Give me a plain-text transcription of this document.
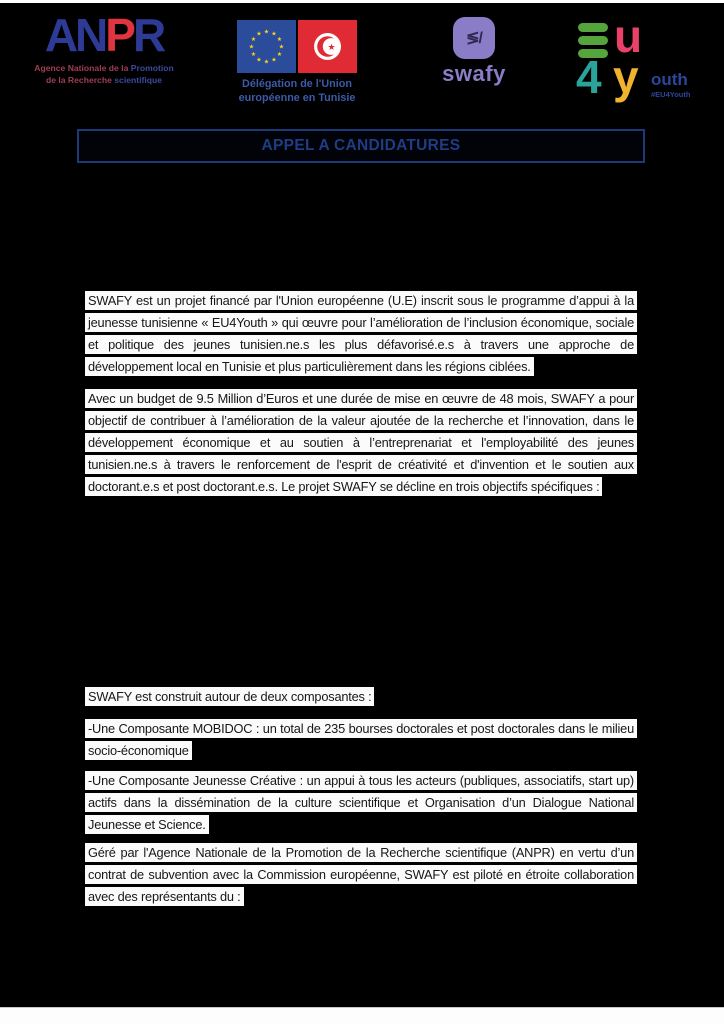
ANPR
Agence Nationale de la Promotion
de la Recherche scientifique
★ ★
★
★
★
★
★
★
★
★
★
★
★
Délégation de l'Union
européenne en Tunisie
≶/
swafy
u
4 y outh
#EU4Youth
APPEL A CANDIDATURES

SWAFY est un projet financé par l'Union européenne (U.E) inscrit sous le programme d’appui à la jeunesse tunisienne « EU4Youth » qui œuvre pour l’amélioration de l’inclusion économique, sociale et politique des jeunes tunisien.ne.s les plus défavorisé.e.s à travers une approche de développement local en Tunisie et plus particulièrement dans les régions ciblées.

Avec un budget de 9.5 Million d’Euros et une durée de mise en œuvre de 48 mois, SWAFY a pour objectif de contribuer à l’amélioration de la valeur ajoutée de la recherche et l’innovation, dans le développement économique et au soutien à l’entreprenariat et l'employabilité des jeunes tunisien.ne.s à travers le renforcement de l'esprit de créativité et d'invention et le soutien aux doctorant.e.s et post doctorant.e.s. Le projet SWAFY se décline en trois objectifs spécifiques :

SWAFY est construit autour de deux composantes :

-Une Composante MOBIDOC : un total de 235 bourses doctorales et post doctorales dans le milieu socio-économique

-Une Composante Jeunesse Créative : un appui à tous les acteurs (publiques, associatifs, start up) actifs dans la dissémination de la culture scientifique et Organisation d’un Dialogue National Jeunesse et Science.

Géré par l'Agence Nationale de la Promotion de la Recherche scientifique (ANPR) en vertu d’un contrat de subvention avec la Commission européenne, SWAFY est piloté en étroite collaboration avec des représentants du :
